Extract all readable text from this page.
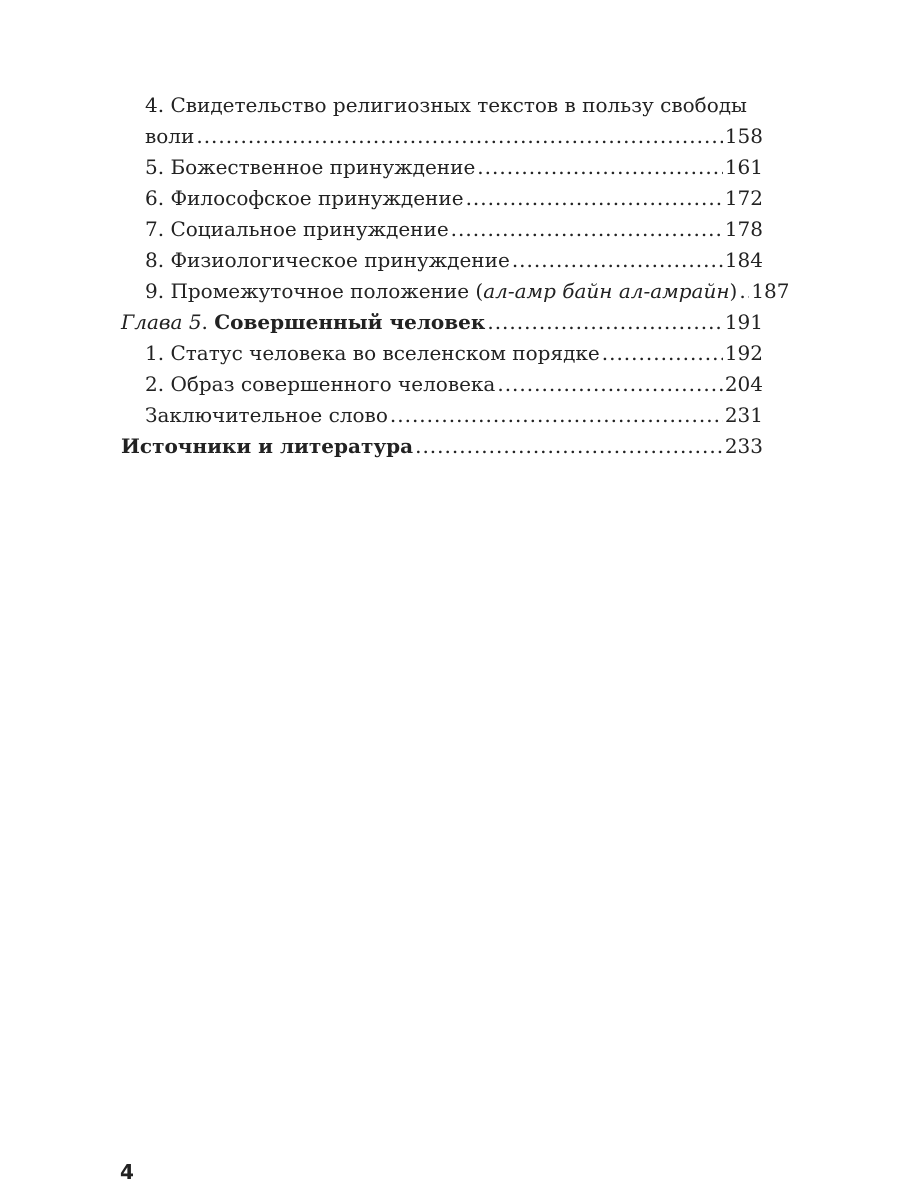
4. Свидетельство религиозных текстов в пользу свободы
воли .....	158
5. Божественное принуждение .....	161
6. Философское принуждение .....	172
7. Социальное принуждение .....	178
8. Физиологическое принуждение .....	184
9. Промежуточное положение (ал-амр байн ал-амрайн) ..... 187
Глава 5. Совершенный человек .....	191
1. Статус человека во вселенском порядке .....	192
2. Образ совершенного человека .....	204
Заключительное слово .....	231
Источники и литература .....	233
4
